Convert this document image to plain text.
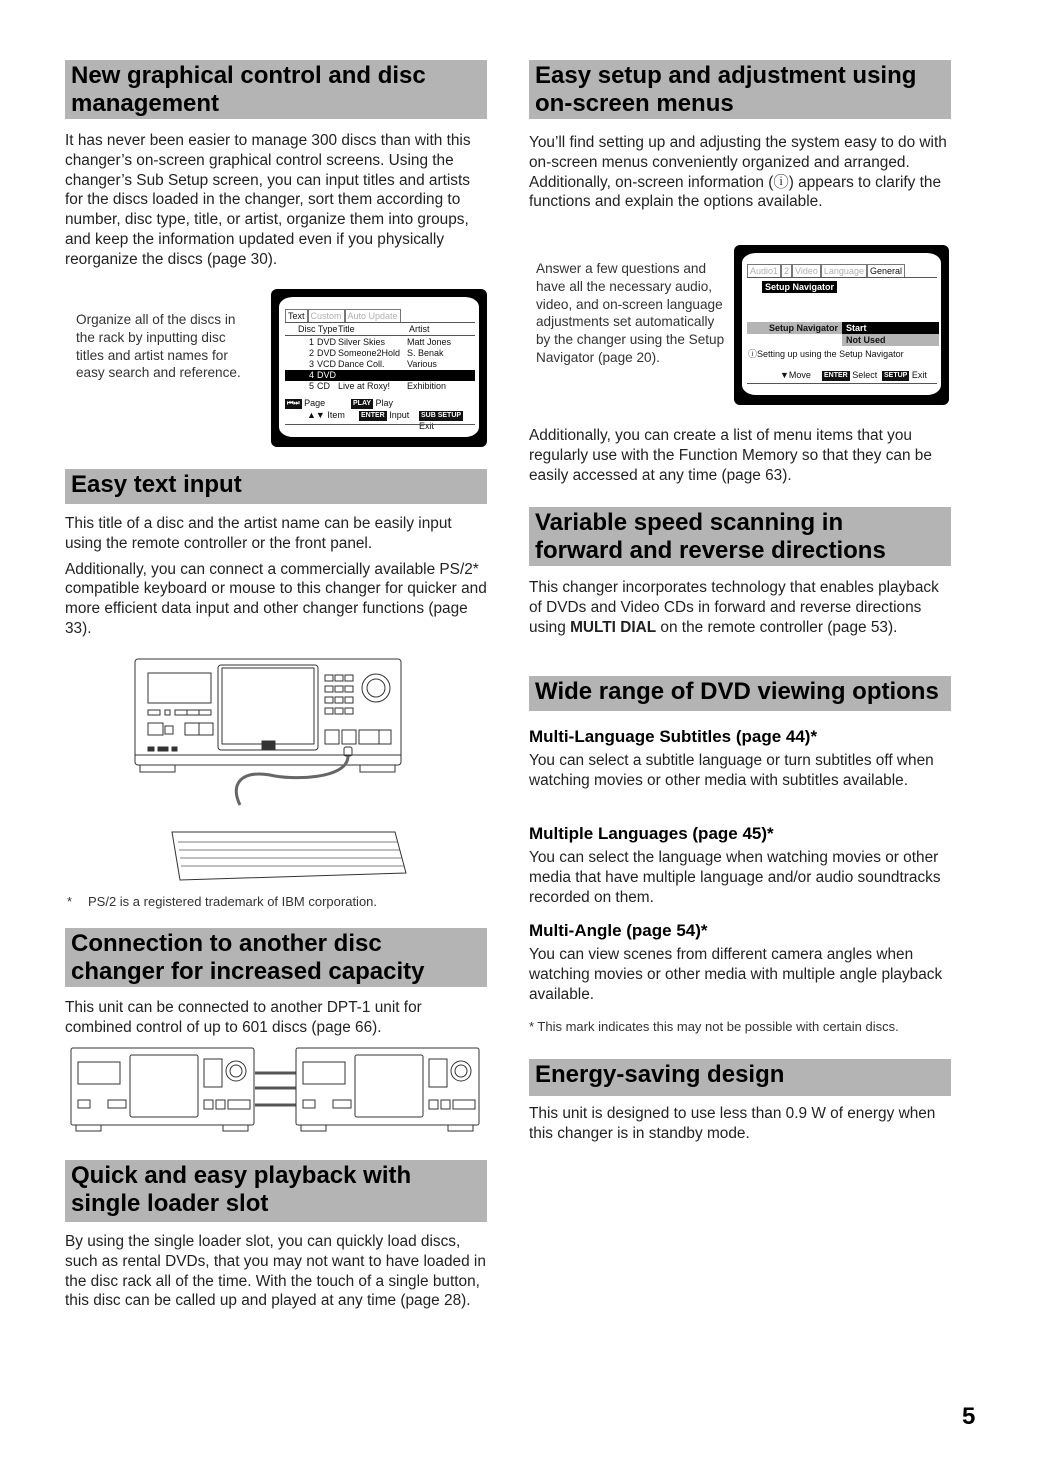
New graphical control and disc
management
It has never been easier to manage 300 discs than with this changer’s on-screen graphical control screens. Using the changer’s Sub Setup screen, you can input titles and artists for the discs loaded in the changer, sort them according to number, disc type, title, or artist, organize them into groups, and keep the information updated even if you physically reorganize the discs (page 30).
Organize all of the discs in the rack by inputting disc titles and artist names for easy search and reference.
Text Custom Auto Update
Disc Type Title	Artist
1 DVD Silver Skies Matt Jones
2 DVD Someone2Hold S. Benak
3 VCD Dance Coll. Various
4 DVD
5 CD Live at Roxy! Exhibition
⏮⏭ Page	PLAY Play
▲▼ Item ENTER Input SUB SETUP Exit
Easy text input

This title of a disc and the artist name can be easily input using the remote controller or the front panel.

Additionally, you can connect a commercially available PS/2* compatible keyboard or mouse to this changer for quicker and more efficient data input and other changer functions (page 33).

* PS/2 is a registered trademark of IBM corporation.
Connection to another disc
changer for increased capacity
This unit can be connected to another DPT-1 unit for combined control of up to 601 discs (page 66).
Quick and easy playback with
single loader slot
By using the single loader slot, you can quickly load discs, such as rental DVDs, that you may not want to have loaded in the disc rack all of the time. With the touch of a single button, this disc can be called up and played at any time (page 28).
Easy setup and adjustment using
on-screen menus
You’ll find setting up and adjusting the system easy to do with on-screen menus conveniently organized and arranged. Additionally, on-screen information (ⓘ) appears to clarify the functions and explain the options available.
Answer a few questions and have all the necessary audio, video, and on-screen language adjustments set automatically by the changer using the Setup Navigator (page 20).
Audio1 2 Video Language General
Setup Navigator
Setup Navigator Start
Not Used
ⓘSetting up using the Setup Navigator
▼Move ENTER Select SETUP Exit
Additionally, you can create a list of menu items that you regularly use with the Function Memory so that they can be easily accessed at any time (page 63).
Variable speed scanning in
forward and reverse directions
This changer incorporates technology that enables playback of DVDs and Video CDs in forward and reverse directions using MULTI DIAL on the remote controller (page 53).
Wide range of DVD viewing options
Multi-Language Subtitles (page 44)*
You can select a subtitle language or turn subtitles off when watching movies or other media with subtitles available.
Multiple Languages (page 45)*
You can select the language when watching movies or other media that have multiple language and/or audio soundtracks recorded on them.
Multi-Angle (page 54)*
You can view scenes from different camera angles when watching movies or other media with multiple angle playback available.
* This mark indicates this may not be possible with certain discs.
Energy-saving design
This unit is designed to use less than 0.9 W of energy when this changer is in standby mode.
5
